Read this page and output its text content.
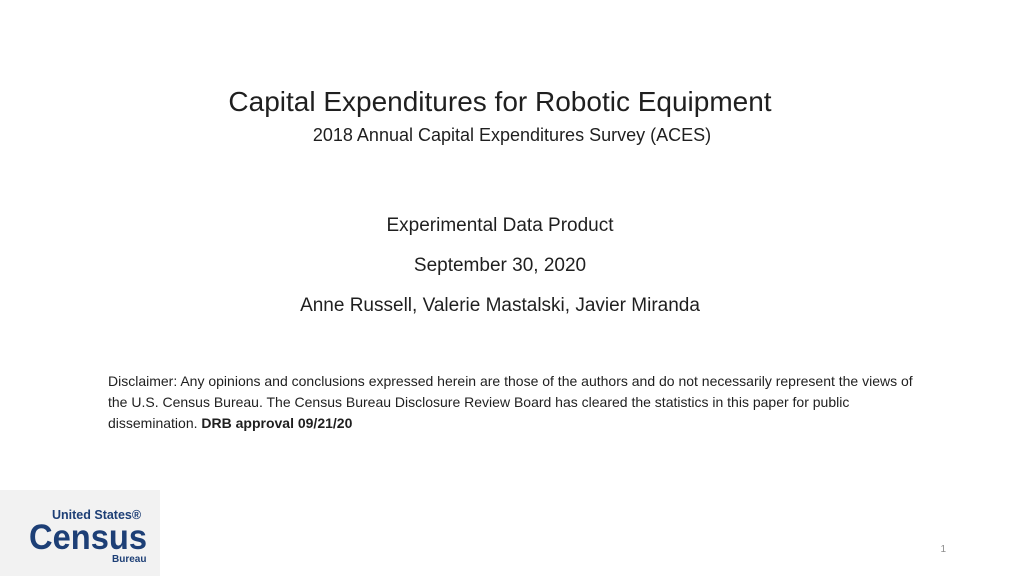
Capital Expenditures for Robotic Equipment
2018 Annual Capital Expenditures Survey (ACES)
Experimental Data Product
September 30, 2020
Anne Russell, Valerie Mastalski, Javier Miranda
Disclaimer: Any opinions and conclusions expressed herein are those of the authors and do not necessarily represent the views of the U.S. Census Bureau. The Census Bureau Disclosure Review Board has cleared the statistics in this paper for public dissemination. DRB approval 09/21/20
United States®
Census
Bureau
1
